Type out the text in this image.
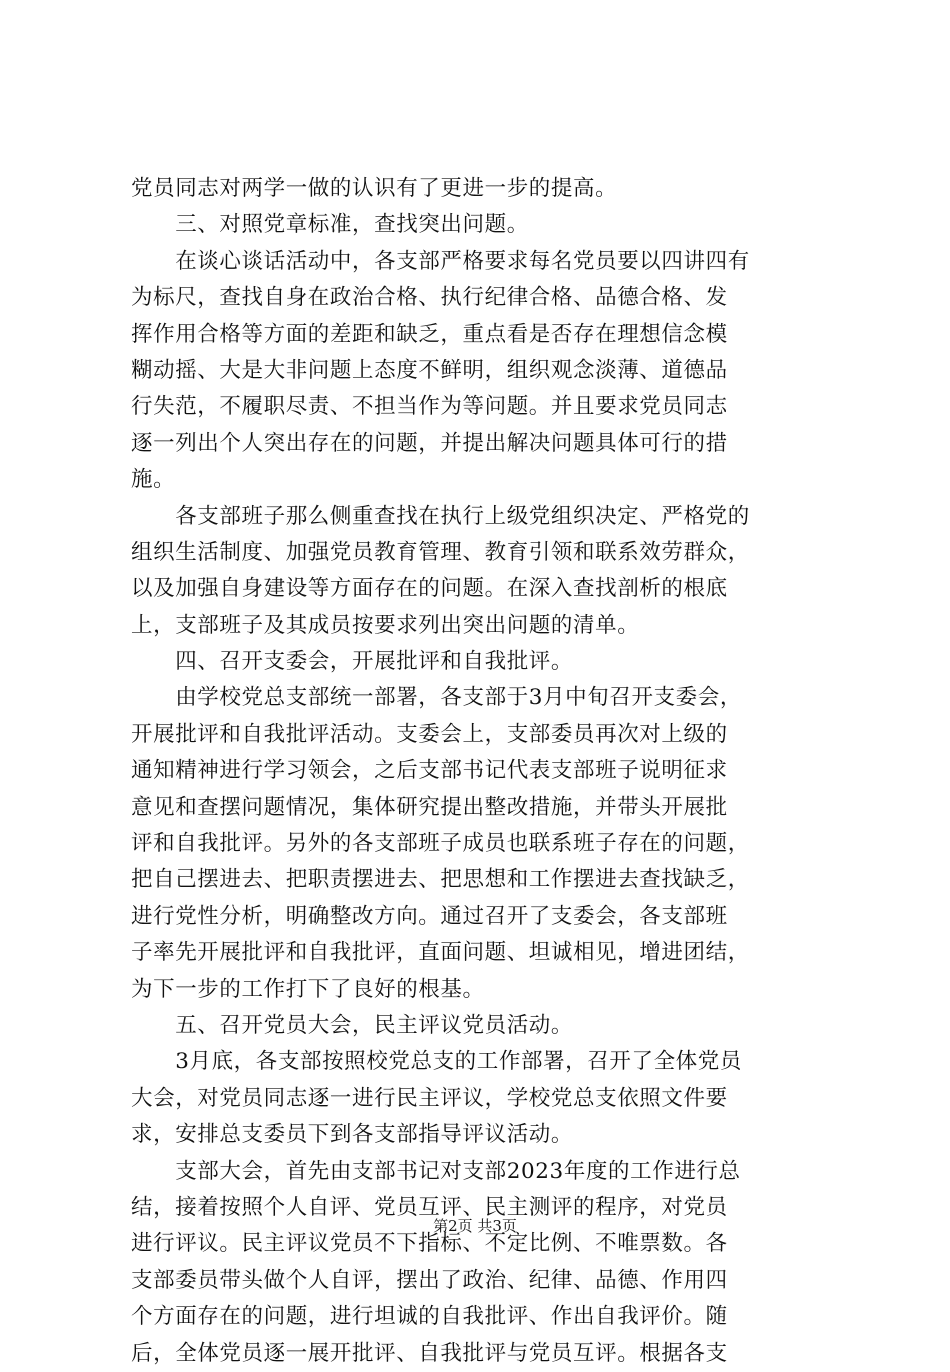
党员同志对两学一做的认识有了更进一步的提高。
　　三、对照党章标准，查找突出问题。
　　在谈心谈话活动中，各支部严格要求每名党员要以四讲四有
为标尺，查找自身在政治合格、执行纪律合格、品德合格、发
挥作用合格等方面的差距和缺乏，重点看是否存在理想信念模
糊动摇、大是大非问题上态度不鲜明，组织观念淡薄、道德品
行失范，不履职尽责、不担当作为等问题。并且要求党员同志
逐一列出个人突出存在的问题，并提出解决问题具体可行的措
施。
　　各支部班子那么侧重查找在执行上级党组织决定、严格党的
组织生活制度、加强党员教育管理、教育引领和联系效劳群众，
以及加强自身建设等方面存在的问题。在深入查找剖析的根底
上，支部班子及其成员按要求列出突出问题的清单。
　　四、召开支委会，开展批评和自我批评。
　　由学校党总支部统一部署，各支部于3月中旬召开支委会，
开展批评和自我批评活动。支委会上，支部委员再次对上级的
通知精神进行学习领会，之后支部书记代表支部班子说明征求
意见和查摆问题情况，集体研究提出整改措施，并带头开展批
评和自我批评。另外的各支部班子成员也联系班子存在的问题，
把自己摆进去、把职责摆进去、把思想和工作摆进去查找缺乏，
进行党性分析，明确整改方向。通过召开了支委会，各支部班
子率先开展批评和自我批评，直面问题、坦诚相见，增进团结，
为下一步的工作打下了良好的根基。
　　五、召开党员大会，民主评议党员活动。
　　3月底，各支部按照校党总支的工作部署，召开了全体党员
大会，对党员同志逐一进行民主评议，学校党总支依照文件要
求，安排总支委员下到各支部指导评议活动。
　　支部大会，首先由支部书记对支部2023年度的工作进行总
结，接着按照个人自评、党员互评、民主测评的程序，对党员
进行评议。民主评议党员不下指标、不定比例、不唯票数。各
支部委员带头做个人自评，摆出了政治、纪律、品德、作用四
个方面存在的问题，进行坦诚的自我批评、作出自我评价。随
后，全体党员逐一展开批评、自我批评与党员互评。根据各支
第2页 共3页
